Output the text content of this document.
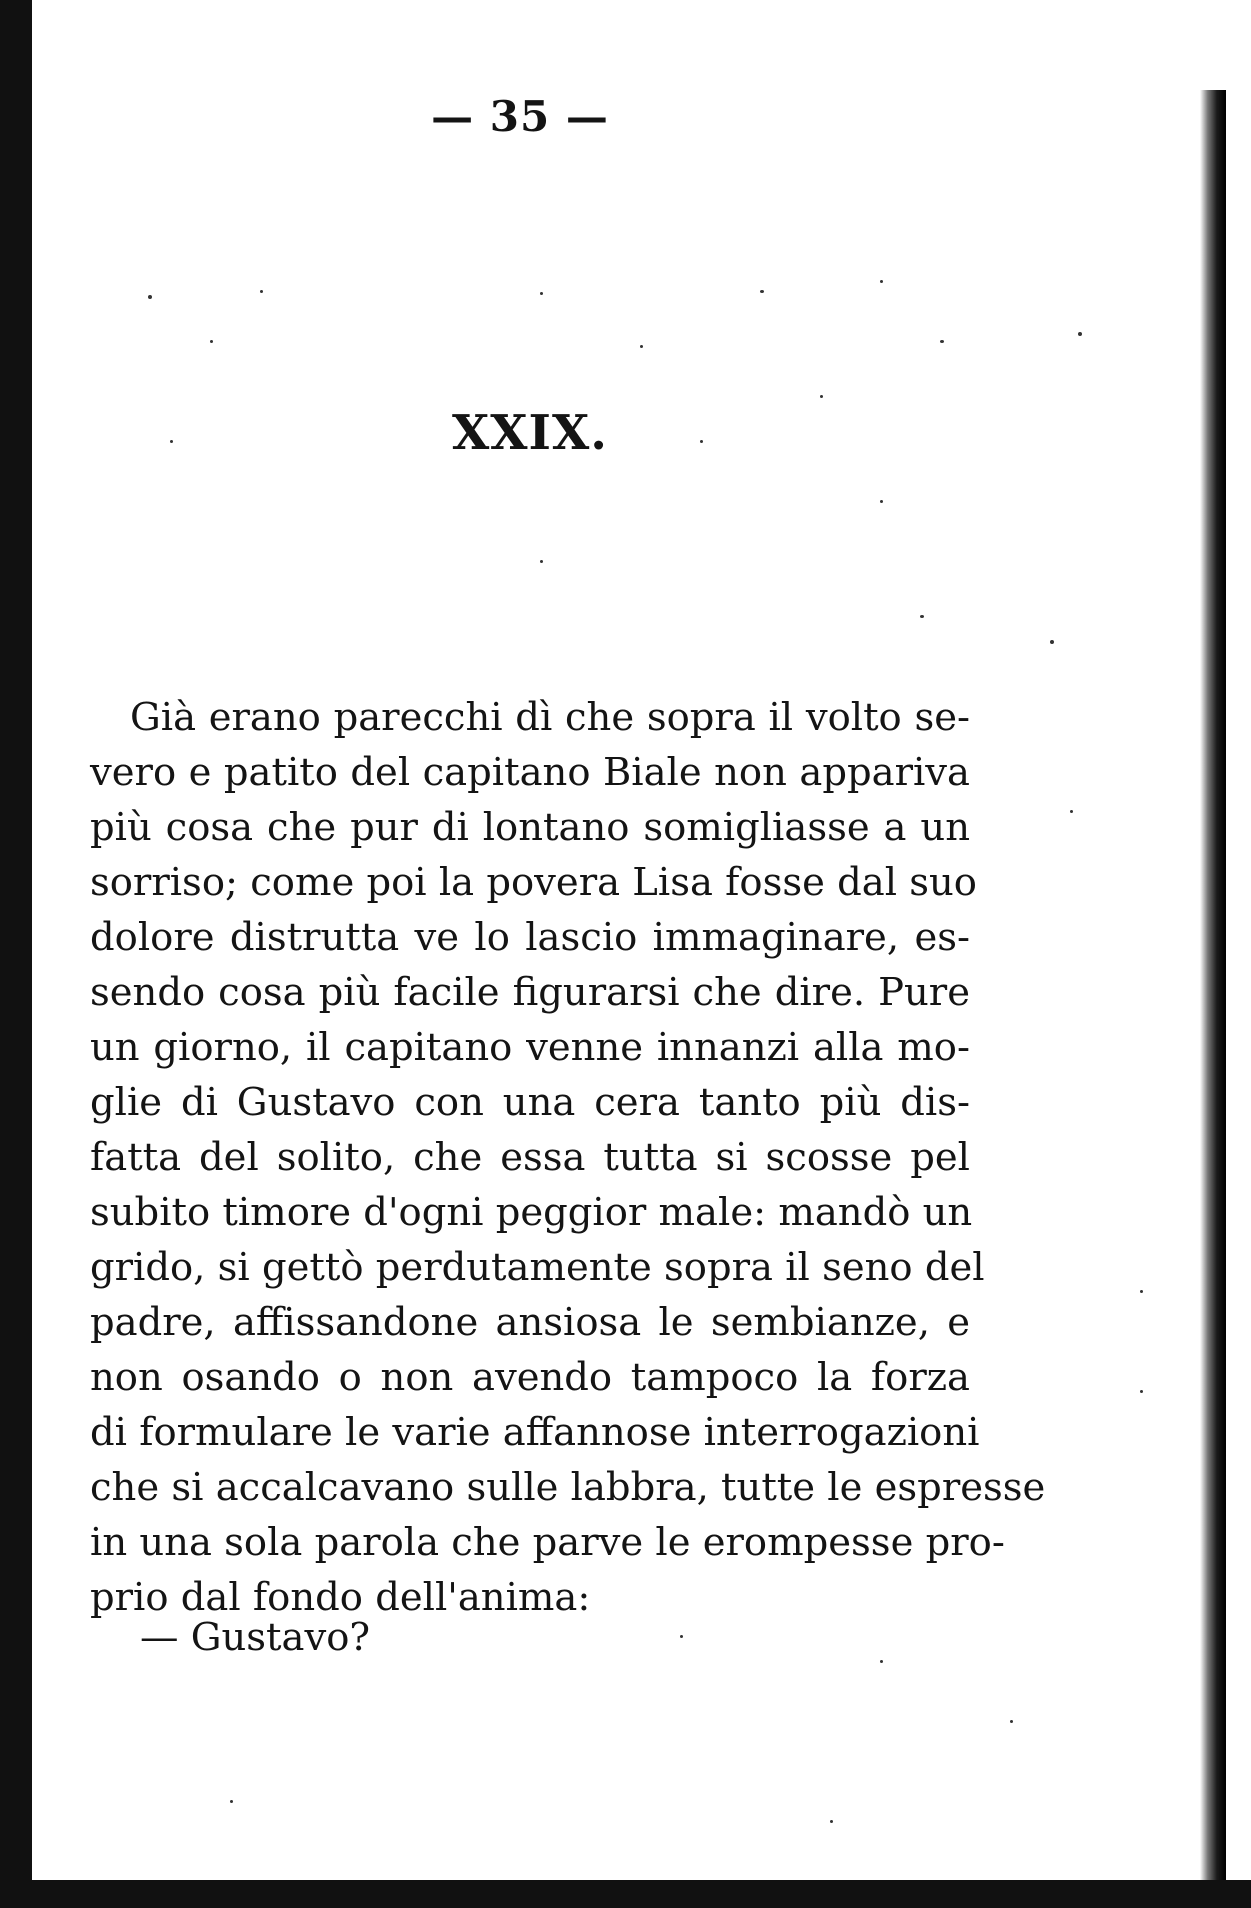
— 35 —
XXIX.
Già erano parecchi dì che sopra il volto se-
vero e patito del capitano Biale non appariva
più cosa che pur di lontano somigliasse a un
sorriso; come poi la povera Lisa fosse dal suo
dolore distrutta ve lo lascio immaginare, es-
sendo cosa più facile figurarsi che dire. Pure
un giorno, il capitano venne innanzi alla mo-
glie di Gustavo con una cera tanto più dis-
fatta del solito, che essa tutta si scosse pel
subito timore d'ogni peggior male: mandò un
grido, si gettò perdutamente sopra il seno del
padre, affissandone ansiosa le sembianze, e
non osando o non avendo tampoco la forza
di formulare le varie affannose interrogazioni
che si accalcavano sulle labbra, tutte le espresse
in una sola parola che parve le erompesse pro-
prio dal fondo dell'anima:
— Gustavo?
